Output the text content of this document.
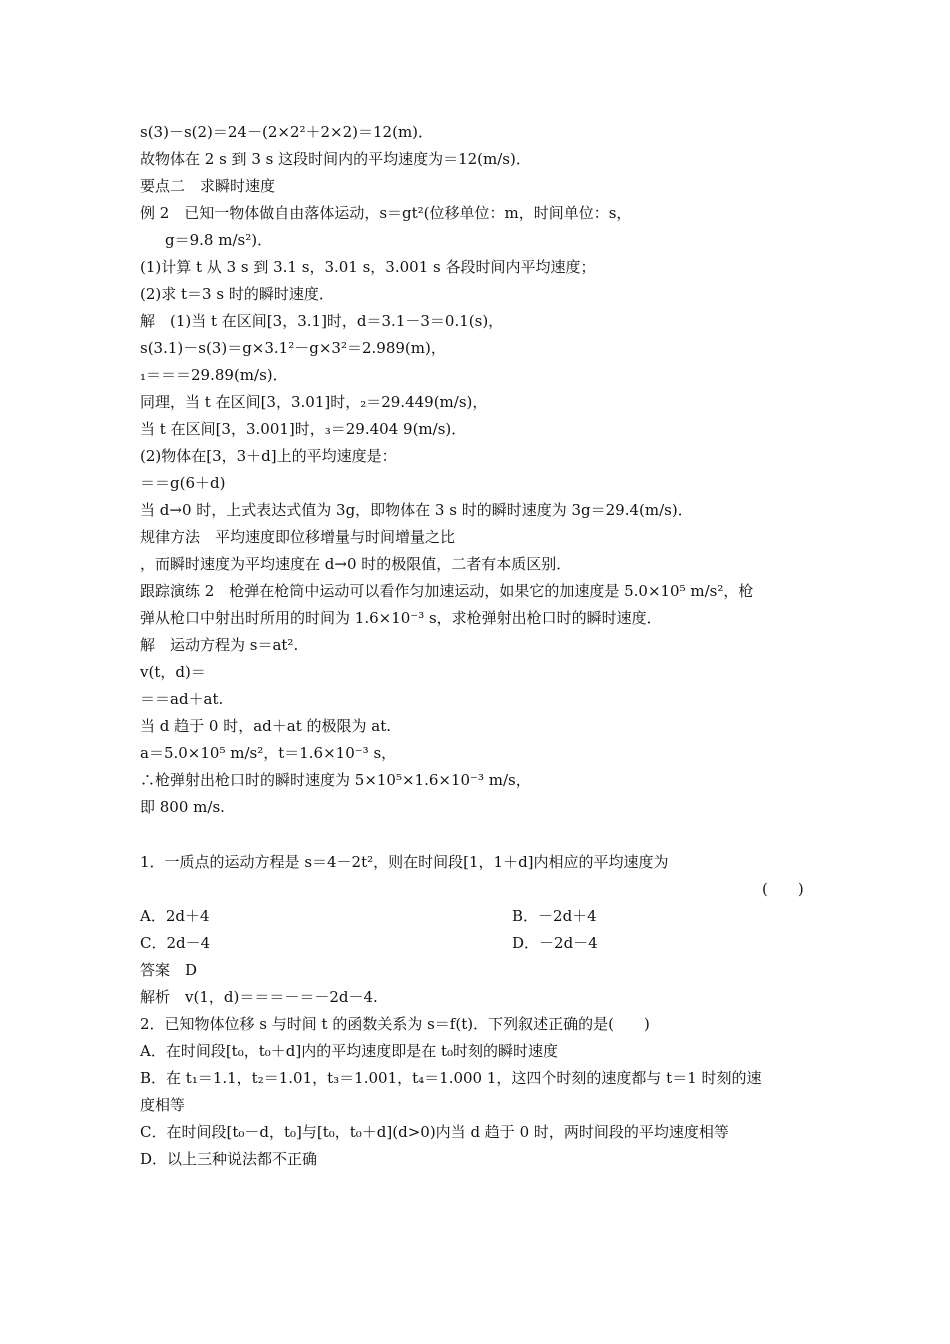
s(3)－s(2)＝24－(2×2²＋2×2)＝12(m)．
故物体在 2 s 到 3 s 这段时间内的平均速度为＝12(m/s)．
要点二　求瞬时速度
例 2　已知一物体做自由落体运动，s＝gt²(位移单位：m，时间单位：s，
g＝9.8 m/s²)．
(1)计算 t 从 3 s 到 3.1 s，3.01 s，3.001 s 各段时间内平均速度；
(2)求 t＝3 s 时的瞬时速度．
解　(1)当 t 在区间[3，3.1]时，d＝3.1－3＝0.1(s)，
s(3.1)－s(3)＝g×3.1²－g×3²＝2.989(m)，
₁＝＝＝29.89(m/s)．
同理，当 t 在区间[3，3.01]时，₂＝29.449(m/s)，
当 t 在区间[3，3.001]时，₃＝29.404 9(m/s)．
(2)物体在[3，3＋d]上的平均速度是：
＝＝g(6＋d)
当 d→0 时，上式表达式值为 3g，即物体在 3 s 时的瞬时速度为 3g＝29.4(m/s)．
规律方法　平均速度即位移增量与时间增量之比
，而瞬时速度为平均速度在 d→0 时的极限值，二者有本质区别．
跟踪演练 2　枪弹在枪筒中运动可以看作匀加速运动，如果它的加速度是 5.0×10⁵ m/s²，枪
弹从枪口中射出时所用的时间为 1.6×10⁻³ s，求枪弹射出枪口时的瞬时速度．
解　运动方程为 s＝at².
v(t，d)＝
＝＝ad＋at.
当 d 趋于 0 时，ad＋at 的极限为 at.
a＝5.0×10⁵ m/s²，t＝1.6×10⁻³ s，
∴枪弹射出枪口时的瞬时速度为 5×10⁵×1.6×10⁻³ m/s，
即 800 m/s.
1．一质点的运动方程是 s＝4－2t²，则在时间段[1，1＋d]内相应的平均速度为
(　　)
A．2d＋4	B．－2d＋4
C．2d－4	D．－2d－4
答案　D
解析　v(1，d)＝＝＝－＝－2d－4.
2．已知物体位移 s 与时间 t 的函数关系为 s＝f(t)．下列叙述正确的是(　　)
A．在时间段[t₀，t₀＋d]内的平均速度即是在 t₀时刻的瞬时速度
B．在 t₁＝1.1，t₂＝1.01，t₃＝1.001，t₄＝1.000 1，这四个时刻的速度都与 t＝1 时刻的速
度相等
C．在时间段[t₀－d，t₀]与[t₀，t₀＋d](d>0)内当 d 趋于 0 时，两时间段的平均速度相等
D．以上三种说法都不正确
